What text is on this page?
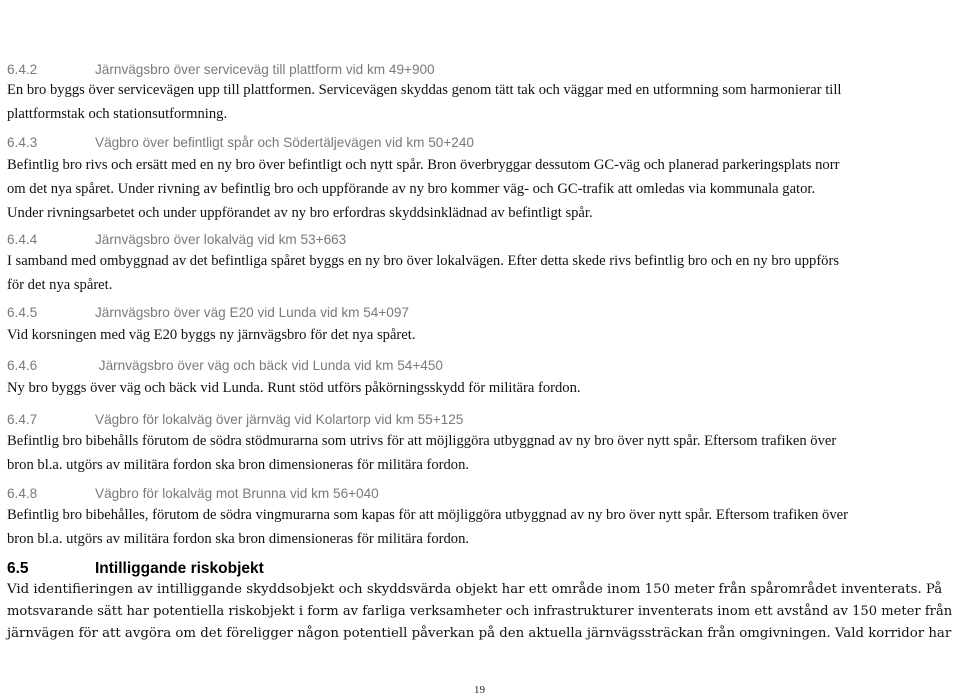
6.4.2	Järnvägsbro över serviceväg till plattform vid km 49+900
En bro byggs över servicevägen upp till plattformen. Servicevägen skyddas genom tätt tak och väggar med en utformning som harmonierar till
plattformstak och stationsutformning.
6.4.3	Vägbro över befintligt spår och Södertäljevägen vid km 50+240
Befintlig bro rivs och ersätt med en ny bro över befintligt och nytt spår. Bron överbryggar dessutom GC-väg och planerad parkeringsplats norr
om det nya spåret. Under rivning av befintlig bro och uppförande av ny bro kommer väg- och GC-trafik att omledas via kommunala gator.
Under rivningsarbetet och under uppförandet av ny bro erfordras skyddsinklädnad av befintligt spår.
6.4.4	Järnvägsbro över lokalväg vid km 53+663
I samband med ombyggnad av det befintliga spåret byggs en ny bro över lokalvägen. Efter detta skede rivs befintlig bro och en ny bro uppförs
för det nya spåret.
6.4.5	Järnvägsbro över väg E20 vid Lunda vid km 54+097
Vid korsningen med väg E20 byggs ny järnvägsbro för det nya spåret.
6.4.6	Järnvägsbro över väg och bäck vid Lunda vid km 54+450
Ny bro byggs över väg och bäck vid Lunda. Runt stöd utförs påkörningsskydd för militära fordon.
6.4.7	Vägbro för lokalväg över järnväg vid Kolartorp vid km 55+125
Befintlig bro bibehålls förutom de södra stödmurarna som utrivs för att möjliggöra utbyggnad av ny bro över nytt spår. Eftersom trafiken över
bron bl.a. utgörs av militära fordon ska bron dimensioneras för militära fordon.
6.4.8	Vägbro för lokalväg mot Brunna vid km 56+040
Befintlig bro bibehålles, förutom de södra vingmurarna som kapas för att möjliggöra utbyggnad av ny bro över nytt spår. Eftersom trafiken över
bron bl.a. utgörs av militära fordon ska bron dimensioneras för militära fordon.
6.5	Intilliggande riskobjekt
Vid identifieringen av intilliggande skyddsobjekt och skyddsvärda objekt har ett område inom 150 meter från spårområdet inventerats. På
motsvarande sätt har potentiella riskobjekt i form av farliga verksamheter och infrastrukturer inventerats inom ett avstånd av 150 meter från
järnvägen för att avgöra om det föreligger någon potentiell påverkan på den aktuella järnvägssträckan från omgivningen. Vald korridor har
19
